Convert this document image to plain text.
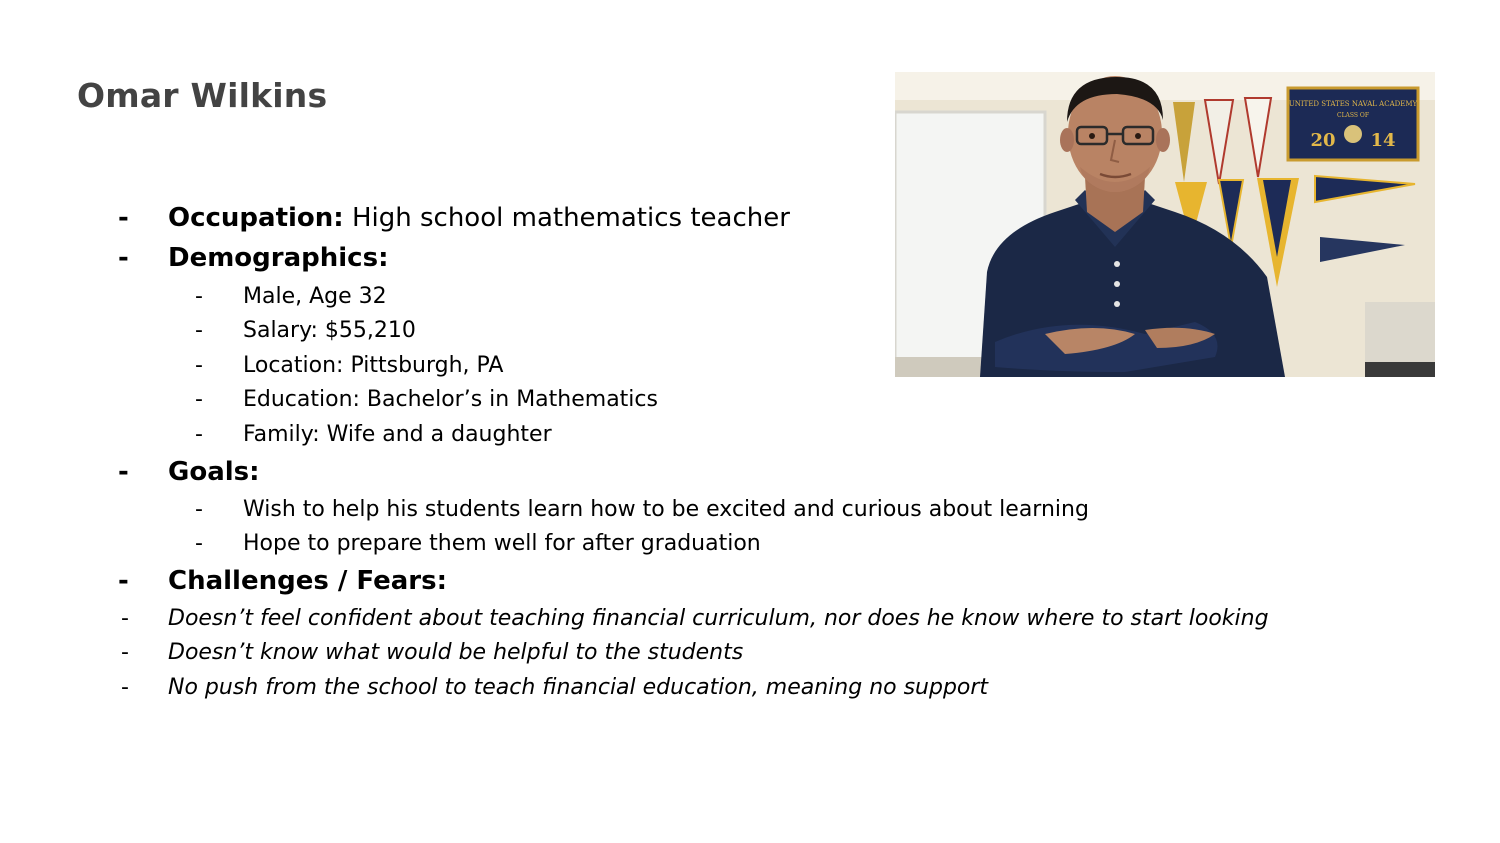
Omar Wilkins	UNITED STATES NAVAL ACADEMY
CLASS OF
20 14
- Occupation: High school mathematics teacher
- Demographics:
- Male, Age 32
- Salary: $55,210
- Location: Pittsburgh, PA
- Education: Bachelor’s in Mathematics
- Family: Wife and a daughter
- Goals:
- Wish to help his students learn how to be excited and curious about learning
- Hope to prepare them well for after graduation
- Challenges / Fears:
- Doesn’t feel confident about teaching financial curriculum, nor does he know where to start looking
- Doesn’t know what would be helpful to the students
- No push from the school to teach financial education, meaning no support
